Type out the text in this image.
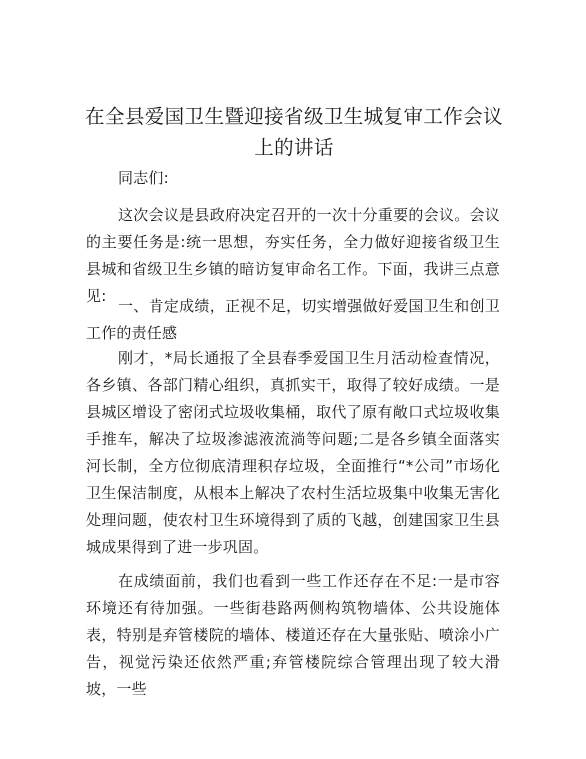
在全县爱国卫生暨迎接省级卫生城复审工作会议上的讲话

同志们:

这次会议是县政府决定召开的一次十分重要的会议。会议的主要任务是:统一思想，夯实任务，全力做好迎接省级卫生县城和省级卫生乡镇的暗访复审命名工作。下面，我讲三点意见:

一、肯定成绩，正视不足，切实增强做好爱国卫生和创卫工作的责任感

刚才，*局长通报了全县春季爱国卫生月活动检查情况，各乡镇、各部门精心组织，真抓实干，取得了较好成绩。一是县城区增设了密闭式垃圾收集桶，取代了原有敞口式垃圾收集手推车，解决了垃圾渗滤液流淌等问题;二是各乡镇全面落实河长制，全方位彻底清理积存垃圾，全面推行“*公司”市场化卫生保洁制度，从根本上解决了农村生活垃圾集中收集无害化处理问题，使农村卫生环境得到了质的飞越，创建国家卫生县城成果得到了进一步巩固。

在成绩面前，我们也看到一些工作还存在不足:一是市容环境还有待加强。一些街巷路两侧构筑物墙体、公共设施体表，特别是弃管楼院的墙体、楼道还存在大量张贴、喷涂小广告，视觉污染还依然严重;弃管楼院综合管理出现了较大滑坡，一些
